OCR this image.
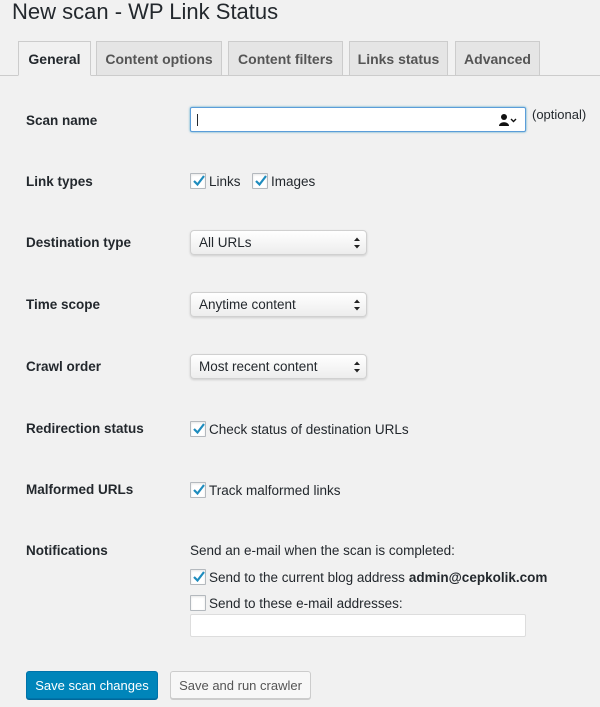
New scan - WP Link Status
General	Content options	Content filters	Links status	Advanced
Scan name	(optional)
Link types	Links Images
Destination type	All URLs
Time scope	Anytime content
Crawl order	Most recent content
Redirection status	Check status of destination URLs
Malformed URLs	Track malformed links
Notifications	Send an e-mail when the scan is completed:
Send to the current blog address admin@cepkolik.com
Send to these e-mail addresses:
Save scan changes	Save and run crawler
